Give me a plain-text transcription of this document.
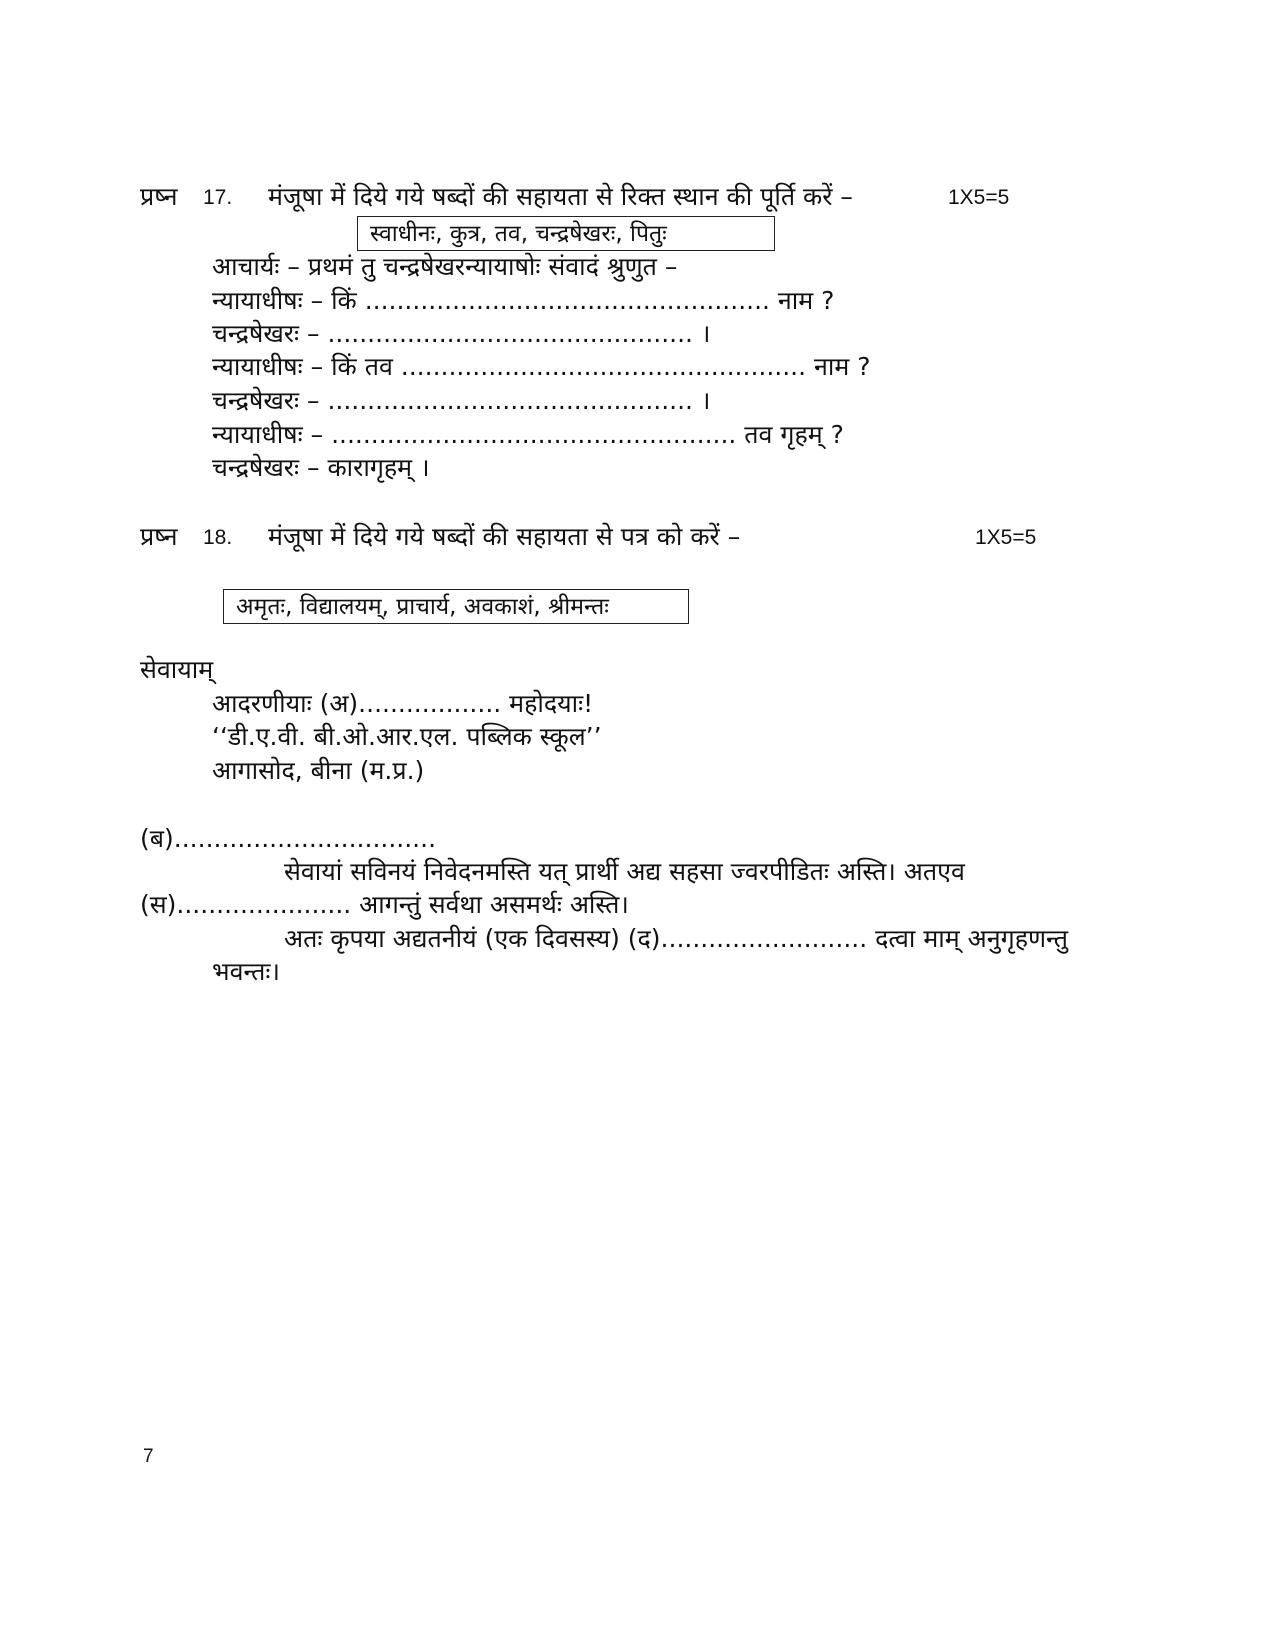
प्रष्न 17. मंजूषा में दिये गये षब्दों की सहायता से रिक्त स्थान की पूर्ति करें –	1X5=5
स्वाधीनः, कुत्र, तव, चन्द्रषेखरः, पितुः
आचार्यः – प्रथमं तु चन्द्रषेखरन्यायाषोः संवादं श्रुणुत –
न्यायाधीषः – किं ................................................... नाम ?
चन्द्रषेखरः – .............................................. ।
न्यायाधीषः – किं तव ................................................... नाम ?
चन्द्रषेखरः – .............................................. ।
न्यायाधीषः – ................................................... तव गृहम् ?
चन्द्रषेखरः – कारागृहम् ।
प्रष्न 18. मंजूषा में दिये गये षब्दों की सहायता से पत्र को करें –	1X5=5
अमृतः, विद्यालयम्, प्राचार्य, अवकाशं, श्रीमन्तः
सेवायाम्
आदरणीयाः (अ).................. महोदयाः!
‘‘डी.ए.वी. बी.ओ.आर.एल. पब्लिक स्कूल’’
आगासोद, बीना (म.प्र.)
(ब).................................
सेवायां सविनयं निवेदनमस्ति यत् प्रार्थी अद्य सहसा ज्वरपीडितः अस्ति। अतएव
(स)...................... आगन्तुं सर्वथा असमर्थः अस्ति।
अतः कृपया अद्यतनीयं (एक दिवसस्य) (द).......................... दत्वा माम् अनुगृहणन्तु
भवन्तः।
7
